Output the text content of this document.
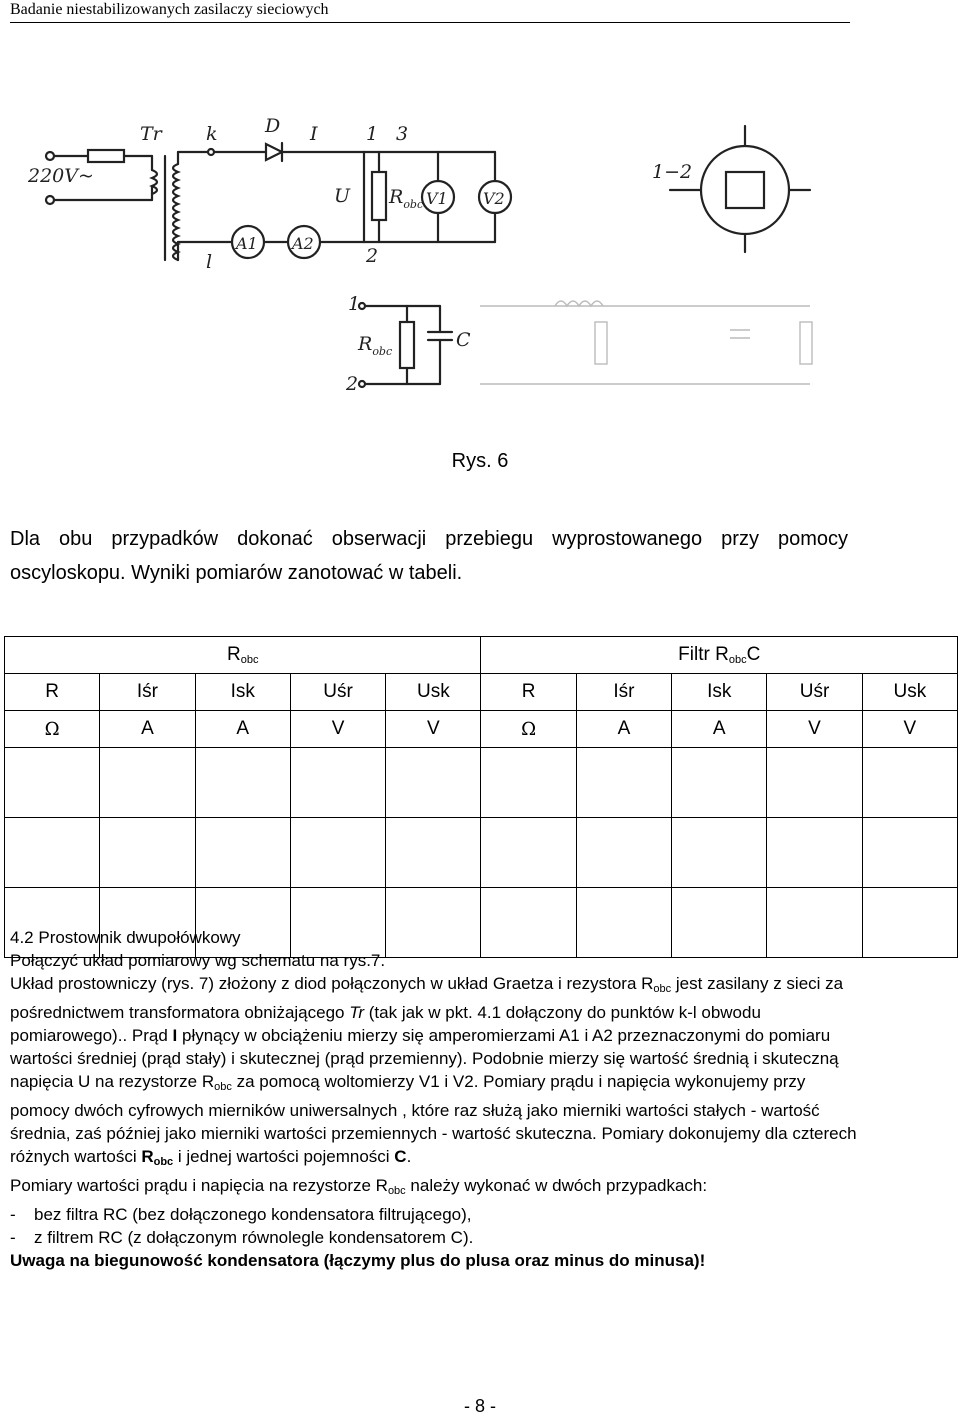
Badanie niestabilizowanych zasilaczy sieciowych
220V~
Tr k D I	1 3
U
l	2
A1 A2
$R_{obc}$ V1 V2
1−2
1
$R_{obc}$
C
2
Rys. 6
Dla obu przypadków dokonać obserwacji przebiegu wyprostowanego przy pomocy oscyloskopu. Wyniki pomiarów zanotować w tabeli.
$R_{obc}$					Filtr $R_{obc}C$				
R	Iśr	Isk	Uśr	Usk	R	Iśr	Isk	Uśr	Usk
Ω	A	A	V	V	Ω	A	A	V	V

4.2 Prostownik dwupołówkowy

Połączyć układ pomiarowy wg schematu na rys.7.

Układ prostowniczy (rys. 7) złożony z diod połączonych w układ Graetza i rezystora $R_{obc}$ jest zasilany z sieci za pośrednictwem transformatora obniżającego Tr (tak jak w pkt. 4.1 dołączony do punktów k-l obwodu pomiarowego).. Prąd I płynący w obciążeniu mierzy się amperomierzami A1 i A2 przeznaczonymi do pomiaru wartości średniej (prąd stały) i skutecznej (prąd przemienny). Podobnie mierzy się wartość średnią i skuteczną napięcia U na rezystorze $R_{obc}$ za pomocą woltomierzy V1 i V2. Pomiary prądu i napięcia wykonujemy przy pomocy dwóch cyfrowych mierników uniwersalnych , które raz służą jako mierniki wartości stałych - wartość średnia, zaś później jako mierniki wartości przemiennych - wartość skuteczna. Pomiary dokonujemy dla czterech różnych wartości $R_{obc}$ i jednej wartości pojemności C.

Pomiary wartości prądu i napięcia na rezystorze $R_{obc}$ należy wykonać w dwóch przypadkach:

- bez filtra RC (bez dołączonego kondensatora filtrującego),

- z filtrem RC (z dołączonym równolegle kondensatorem C).

Uwaga na biegunowość kondensatora (łączymy plus do plusa oraz minus do minusa)!

- 8 -
